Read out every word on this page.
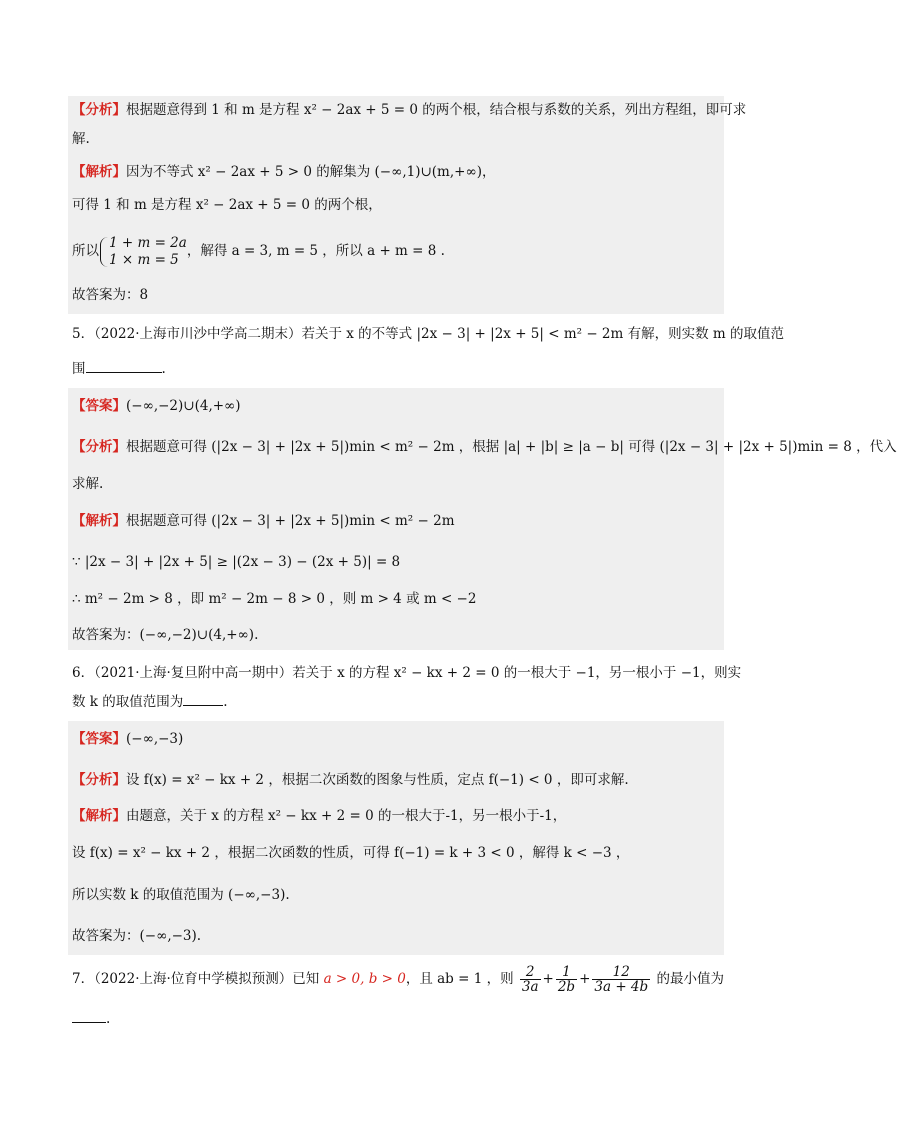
【分析】根据题意得到 1 和 m 是方程 x² − 2ax + 5 = 0 的两个根，结合根与系数的关系，列出方程组，即可求
解.
【解析】因为不等式 x² − 2ax + 5 > 0 的解集为 (−∞,1)∪(m,+∞)，
可得 1 和 m 是方程 x² − 2ax + 5 = 0 的两个根，
所以
1 + m = 2a
1 × m = 5
，解得 a = 3, m = 5 ，所以 a + m = 8 .
故答案为：8
5．（2022·上海市川沙中学高二期末）若关于 x 的不等式 |2x − 3| + |2x + 5| < m² − 2m 有解，则实数 m 的取值范
围	.
【答案】(−∞,−2)∪(4,+∞)
【分析】根据题意可得 (|2x − 3| + |2x + 5|)min < m² − 2m ，根据 |a| + |b| ≥ |a − b| 可得 (|2x − 3| + |2x + 5|)min = 8 ，代入
求解.
【解析】根据题意可得 (|2x − 3| + |2x + 5|)min < m² − 2m
∵ |2x − 3| + |2x + 5| ≥ |(2x − 3) − (2x + 5)| = 8
∴ m² − 2m > 8 ，即 m² − 2m − 8 > 0 ，则 m > 4 或 m < −2
故答案为：(−∞,−2)∪(4,+∞).
6．（2021·上海·复旦附中高一期中）若关于 x 的方程 x² − kx + 2 = 0 的一根大于 −1，另一根小于 −1，则实
数 k 的取值范围为	.
【答案】(−∞,−3)
【分析】设 f(x) = x² − kx + 2 ，根据二次函数的图象与性质，定点 f(−1) < 0 ，即可求解.
【解析】由题意，关于 x 的方程 x² − kx + 2 = 0 的一根大于-1，另一根小于-1，
设 f(x) = x² − kx + 2 ，根据二次函数的性质，可得 f(−1) = k + 3 < 0 ，解得 k < −3 ，
所以实数 k 的取值范围为 (−∞,−3).
故答案为：(−∞,−3).
7．（2022·上海·位育中学模拟预测）已知 a > 0, b > 0，且 ab = 1 ，则 $\frac{2}{3a} + \frac{1}{2b} + \frac{12}{3a + 4b}$ 的最小值为
.
